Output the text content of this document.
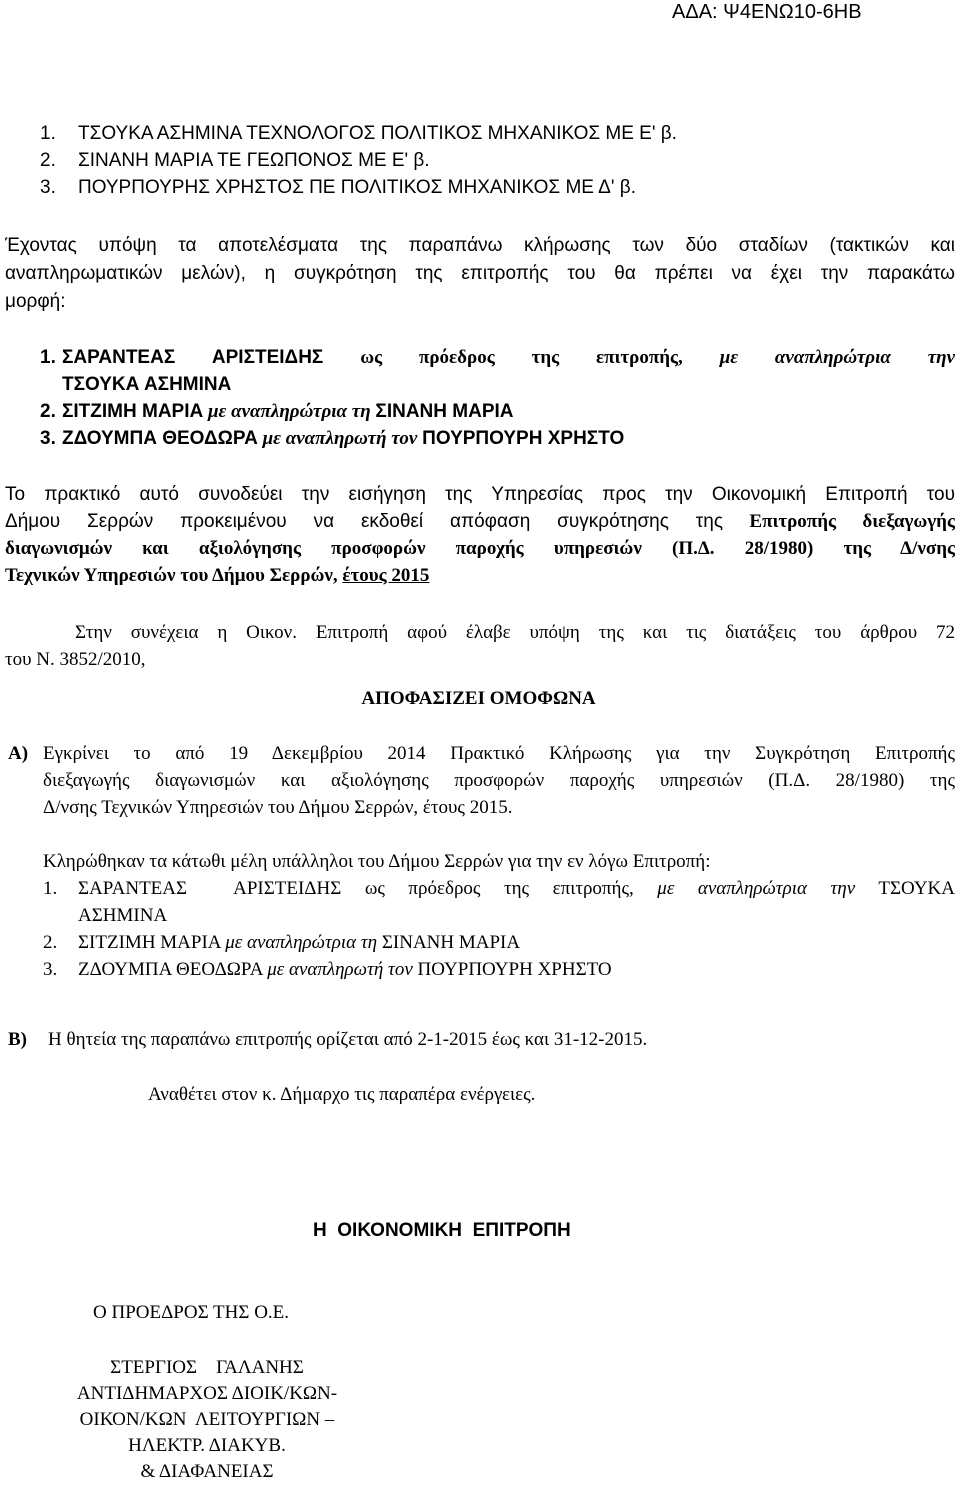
ΑΔΑ: Ψ4ΕΝΩ10-6ΗΒ
1.	ΤΣΟΥΚΑ ΑΣΗΜΙΝΑ ΤΕΧΝΟΛΟΓΟΣ ΠΟΛΙΤΙΚΟΣ ΜΗΧΑΝΙΚΟΣ ΜΕ Ε' β.
2.	ΣΙΝΑΝΗ ΜΑΡΙΑ ΤΕ ΓΕΩΠΟΝΟΣ ΜΕ Ε' β.
3.	ΠΟΥΡΠΟΥΡΗΣ ΧΡΗΣΤΟΣ ΠΕ ΠΟΛΙΤΙΚΟΣ ΜΗΧΑΝΙΚΟΣ ΜΕ Δ' β.
Έχοντας υπόψη τα αποτελέσματα της παραπάνω κλήρωσης των δύο σταδίων (τακτικών και
αναπληρωματικών μελών), η συγκρότηση της επιτροπής του θα πρέπει να έχει την παρακάτω
μορφή:
1. ΣΑΡΑΝΤΕΑΣ ΑΡΙΣΤΕΙΔΗΣ ως πρόεδρος της επιτροπής, με αναπληρώτρια την
ΤΣΟΥΚΑ ΑΣΗΜΙΝΑ
2. ΣΙΤΖΙΜΗ ΜΑΡΙΑ με αναπληρώτρια τη ΣΙΝΑΝΗ ΜΑΡΙΑ
3. ΖΔΟΥΜΠΑ ΘΕΟΔΩΡΑ με αναπληρωτή τον ΠΟΥΡΠΟΥΡΗ ΧΡΗΣΤΟ
Το πρακτικό αυτό συνοδεύει την εισήγηση της Υπηρεσίας προς την Οικονομική Επιτροπή του
Δήμου Σερρών προκειμένου να εκδοθεί απόφαση συγκρότησης της Επιτροπής διεξαγωγής
διαγωνισμών και αξιολόγησης προσφορών παροχής υπηρεσιών (Π.Δ. 28/1980) της Δ/νσης
Τεχνικών Υπηρεσιών του Δήμου Σερρών, έτους 2015
Στην συνέχεια η Οικον. Επιτροπή αφού έλαβε υπόψη της και τις διατάξεις του άρθρου 72
του Ν. 3852/2010,
ΑΠΟΦΑΣΙΖΕΙ ΟΜΟΦΩΝΑ
Α) Εγκρίνει το από 19 Δεκεμβρίου 2014 Πρακτικό Κλήρωσης για την Συγκρότηση Επιτροπής
διεξαγωγής διαγωνισμών και αξιολόγησης προσφορών παροχής υπηρεσιών (Π.Δ. 28/1980) της
Δ/νσης Τεχνικών Υπηρεσιών του Δήμου Σερρών, έτους 2015.
Κληρώθηκαν τα κάτωθι μέλη υπάλληλοι του Δήμου Σερρών για την εν λόγω Επιτροπή:
1.	ΣΑΡΑΝΤΕΑΣ  ΑΡΙΣΤΕΙΔΗΣ ως πρόεδρος της επιτροπής, με αναπληρώτρια την ΤΣΟΥΚΑ
ΑΣΗΜΙΝΑ
2.	ΣΙΤΖΙΜΗ ΜΑΡΙΑ με αναπληρώτρια τη ΣΙΝΑΝΗ ΜΑΡΙΑ
3.	ΖΔΟΥΜΠΑ ΘΕΟΔΩΡΑ με αναπληρωτή τον ΠΟΥΡΠΟΥΡΗ ΧΡΗΣΤΟ
Β) Η θητεία της παραπάνω επιτροπής ορίζεται από 2-1-2015 έως και 31-12-2015.
Αναθέτει στον κ. Δήμαρχο τις παραπέρα ενέργειες.
Η  ΟΙΚΟΝΟΜΙΚΗ  ΕΠΙΤΡΟΠΗ
Ο ΠΡΟΕΔΡΟΣ ΤΗΣ Ο.Ε.
ΣΤΕΡΓΙΟΣ    ΓΑΛΑΝΗΣ
ΑΝΤΙΔΗΜΑΡΧΟΣ ΔΙΟΙΚ/ΚΩΝ-
ΟΙΚΟΝ/ΚΩΝ  ΛΕΙΤΟΥΡΓΙΩΝ –
ΗΛΕΚΤΡ. ΔΙΑΚΥΒ.
& ΔΙΑΦΑΝΕΙΑΣ
